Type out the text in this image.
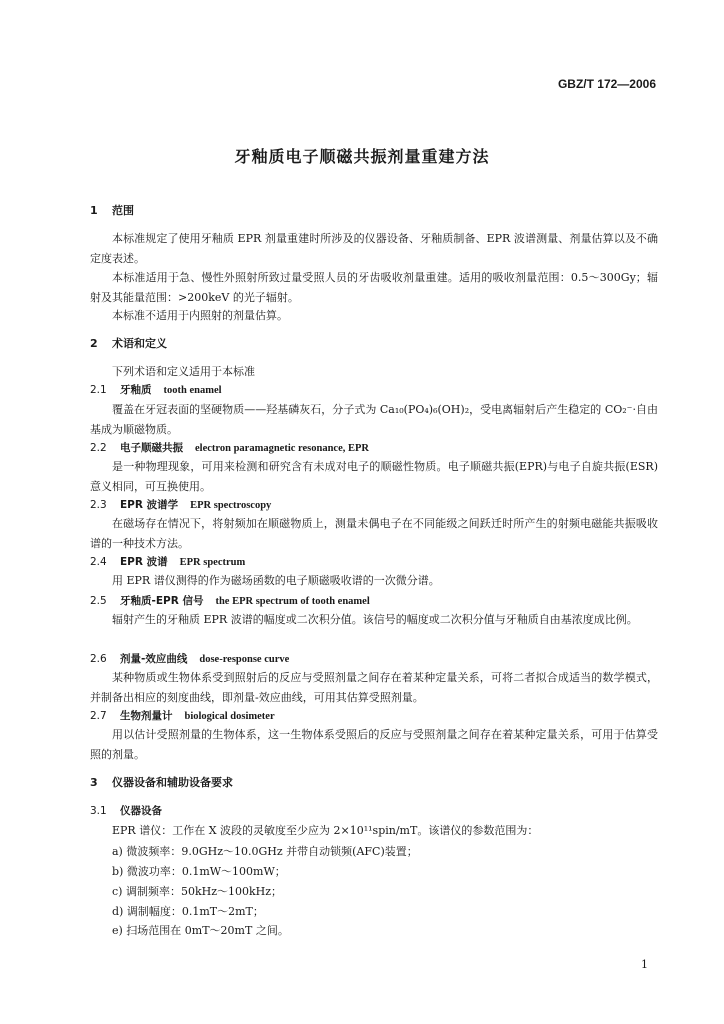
GBZ/T 172—2006
牙釉质电子顺磁共振剂量重建方法
1 范围
本标准规定了使用牙釉质 EPR 剂量重建时所涉及的仪器设备、牙釉质制备、EPR 波谱测量、剂量估算以及不确定度表述。
本标准适用于急、慢性外照射所致过量受照人员的牙齿吸收剂量重建。适用的吸收剂量范围：0.5～300Gy；辐射及其能量范围：>200keV 的光子辐射。
本标准不适用于内照射的剂量估算。
2 术语和定义
下列术语和定义适用于本标准
2.1 牙釉质 tooth enamel
覆盖在牙冠表面的坚硬物质——羟基磷灰石，分子式为 Ca₁₀(PO₄)₆(OH)₂，受电离辐射后产生稳定的 CO₂⁻·自由基成为顺磁物质。
2.2 电子顺磁共振 electron paramagnetic resonance, EPR
是一种物理现象，可用来检测和研究含有未成对电子的顺磁性物质。电子顺磁共振(EPR)与电子自旋共振(ESR)意义相同，可互换使用。
2.3 EPR 波谱学 EPR spectroscopy
在磁场存在情况下，将射频加在顺磁物质上，测量未偶电子在不同能级之间跃迁时所产生的射频电磁能共振吸收谱的一种技术方法。
2.4 EPR 波谱 EPR spectrum
用 EPR 谱仪测得的作为磁场函数的电子顺磁吸收谱的一次微分谱。
2.5 牙釉质-EPR 信号 the EPR spectrum of tooth enamel
辐射产生的牙釉质 EPR 波谱的幅度或二次积分值。该信号的幅度或二次积分值与牙釉质自由基浓度成比例。
2.6 剂量-效应曲线 dose-response curve
某种物质或生物体系受到照射后的反应与受照剂量之间存在着某种定量关系，可将二者拟合成适当的数学模式，并制备出相应的刻度曲线，即剂量-效应曲线，可用其估算受照剂量。
2.7 生物剂量计 biological dosimeter
用以估计受照剂量的生物体系，这一生物体系受照后的反应与受照剂量之间存在着某种定量关系，可用于估算受照的剂量。
3 仪器设备和辅助设备要求
3.1 仪器设备
EPR 谱仪：工作在 X 波段的灵敏度至少应为 2×10¹¹spin/mT。该谱仪的参数范围为：
a) 微波频率：9.0GHz～10.0GHz 并带自动锁频(AFC)装置；
b) 微波功率：0.1mW～100mW；
c) 调制频率：50kHz～100kHz；
d) 调制幅度：0.1mT～2mT；
e) 扫场范围在 0mT～20mT 之间。
1
